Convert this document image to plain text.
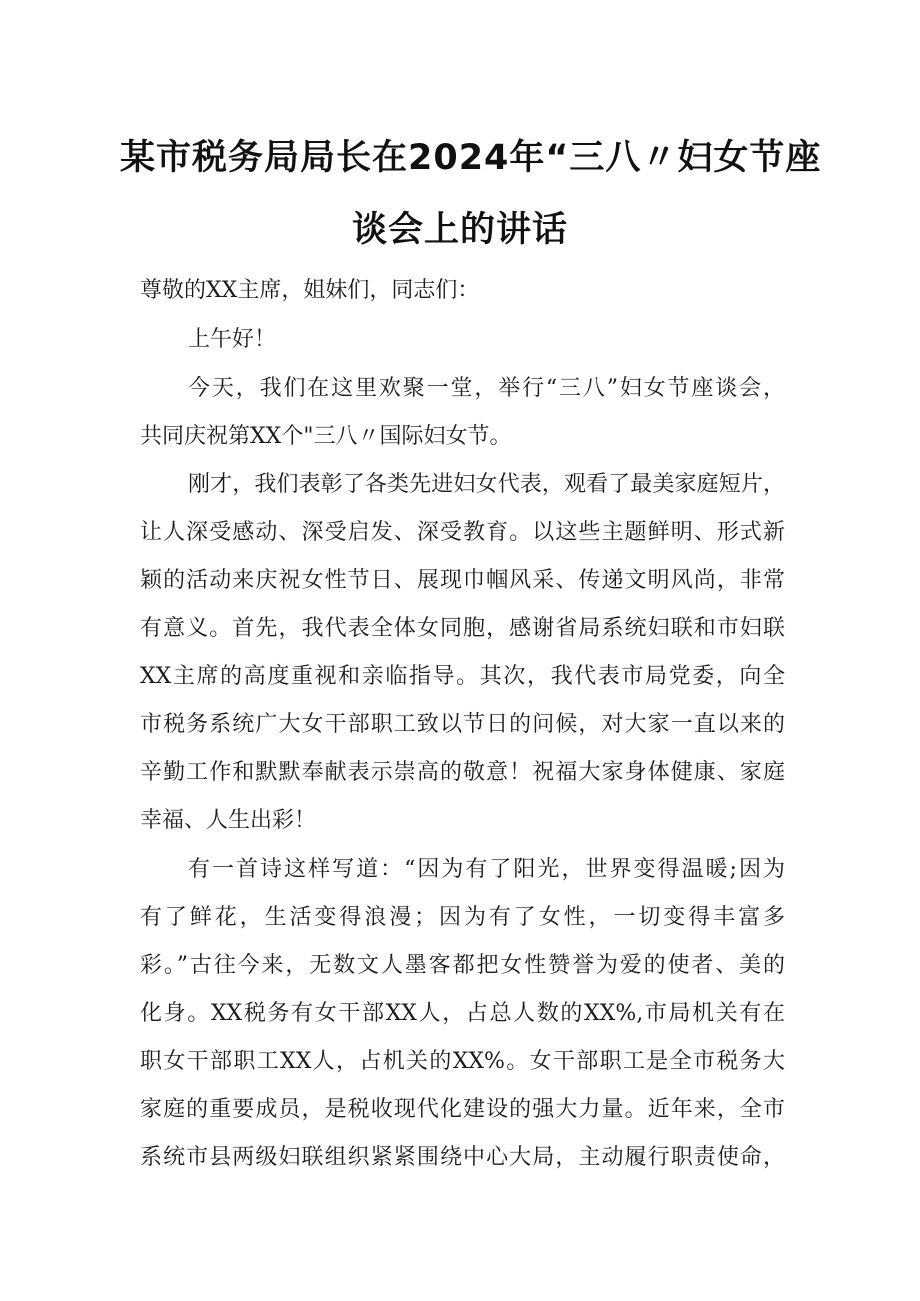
某市税务局局长在2024年“三八〃妇女节座
谈会上的讲话
尊敬的XX主席，姐妹们，同志们：
上午好！
今天，我们在这里欢聚一堂，举行“三八”妇女节座谈会，
共同庆祝第XX个"三八〃国际妇女节。
刚才，我们表彰了各类先进妇女代表，观看了最美家庭短片，
让人深受感动、深受启发、深受教育。以这些主题鲜明、形式新
颖的活动来庆祝女性节日、展现巾帼风采、传递文明风尚，非常
有意义。首先，我代表全体女同胞，感谢省局系统妇联和市妇联
XX主席的高度重视和亲临指导。其次，我代表市局党委，向全
市税务系统广大女干部职工致以节日的问候，对大家一直以来的
辛勤工作和默默奉献表示崇高的敬意！祝福大家身体健康、家庭
幸福、人生出彩！
有一首诗这样写道：“因为有了阳光，世界变得温暖;因为
有了鲜花，生活变得浪漫；因为有了女性，一切变得丰富多
彩。”古往今来，无数文人墨客都把女性赞誉为爱的使者、美的
化身。XX税务有女干部XX人，占总人数的XX%,市局机关有在
职女干部职工XX人，占机关的XX%。女干部职工是全市税务大
家庭的重要成员，是税收现代化建设的强大力量。近年来，全市
系统市县两级妇联组织紧紧围绕中心大局，主动履行职责使命，
